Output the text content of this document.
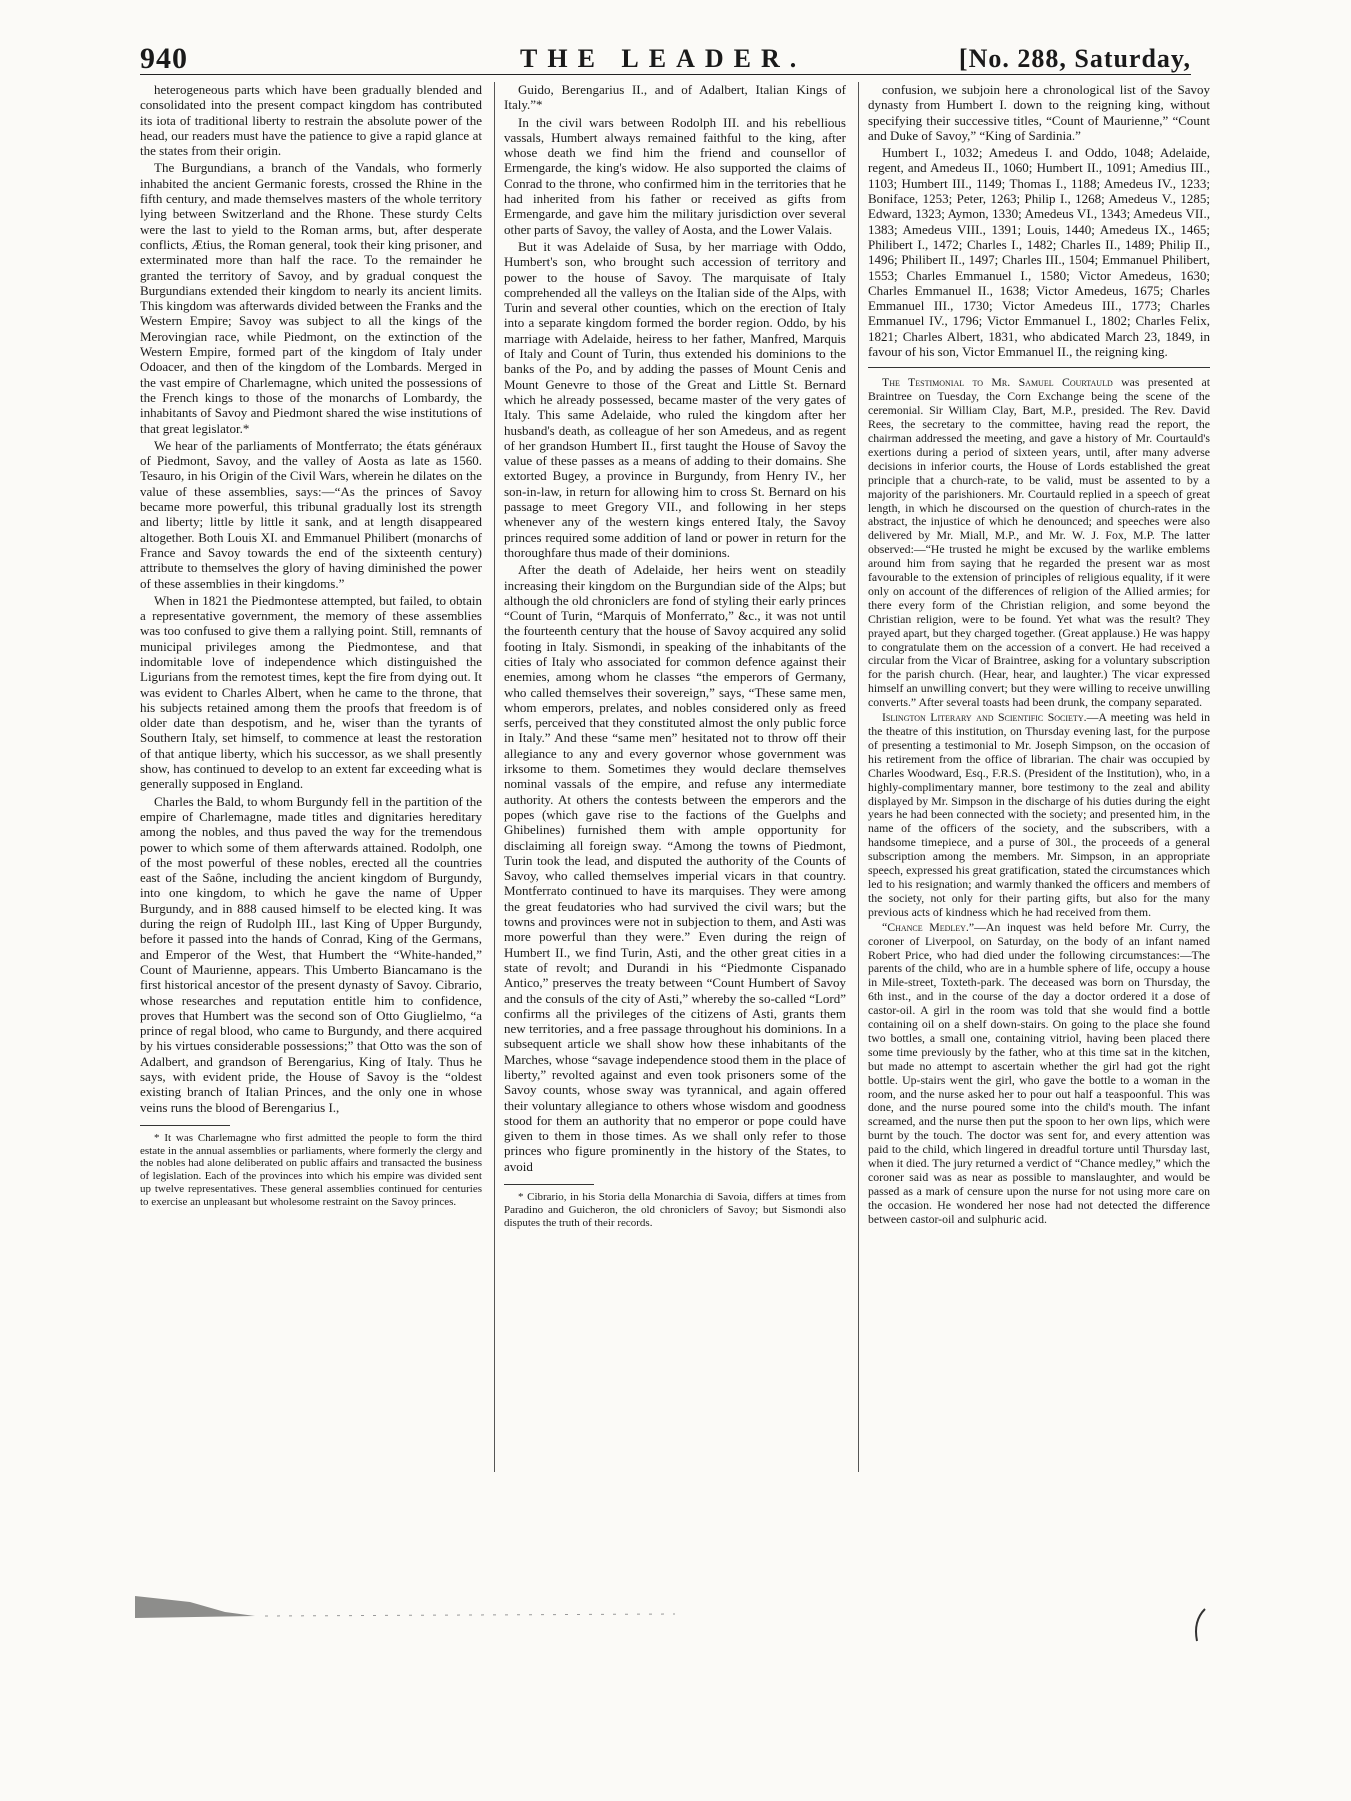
940	THE LEADER.	[No. 288, Saturday,

heterogeneous parts which have been gradually blended and consolidated into the present compact kingdom has contributed its iota of traditional liberty to restrain the absolute power of the head, our readers must have the patience to give a rapid glance at the states from their origin.

The Burgundians, a branch of the Vandals, who formerly inhabited the ancient Germanic forests, crossed the Rhine in the fifth century, and made themselves masters of the whole territory lying between Switzerland and the Rhone. These sturdy Celts were the last to yield to the Roman arms, but, after desperate conflicts, Ætius, the Roman general, took their king prisoner, and exterminated more than half the race. To the remainder he granted the territory of Savoy, and by gradual conquest the Burgundians extended their kingdom to nearly its ancient limits. This kingdom was afterwards divided between the Franks and the Western Empire; Savoy was subject to all the kings of the Merovingian race, while Piedmont, on the extinction of the Western Empire, formed part of the kingdom of Italy under Odoacer, and then of the kingdom of the Lombards. Merged in the vast empire of Charlemagne, which united the possessions of the French kings to those of the monarchs of Lombardy, the inhabitants of Savoy and Piedmont shared the wise institutions of that great legislator.*

We hear of the parliaments of Montferrato; the états généraux of Piedmont, Savoy, and the valley of Aosta as late as 1560. Tesauro, in his Origin of the Civil Wars, wherein he dilates on the value of these assemblies, says:—“As the princes of Savoy became more powerful, this tribunal gradually lost its strength and liberty; little by little it sank, and at length disappeared altogether. Both Louis XI. and Emmanuel Philibert (monarchs of France and Savoy towards the end of the sixteenth century) attribute to themselves the glory of having diminished the power of these assemblies in their kingdoms.”

When in 1821 the Piedmontese attempted, but failed, to obtain a representative government, the memory of these assemblies was too confused to give them a rallying point. Still, remnants of municipal privileges among the Piedmontese, and that indomitable love of independence which distinguished the Ligurians from the remotest times, kept the fire from dying out. It was evident to Charles Albert, when he came to the throne, that his subjects retained among them the proofs that freedom is of older date than despotism, and he, wiser than the tyrants of Southern Italy, set himself, to commence at least the restoration of that antique liberty, which his successor, as we shall presently show, has continued to develop to an extent far exceeding what is generally supposed in England.

Charles the Bald, to whom Burgundy fell in the partition of the empire of Charlemagne, made titles and dignitaries hereditary among the nobles, and thus paved the way for the tremendous power to which some of them afterwards attained. Rodolph, one of the most powerful of these nobles, erected all the countries east of the Saône, including the ancient kingdom of Burgundy, into one kingdom, to which he gave the name of Upper Burgundy, and in 888 caused himself to be elected king. It was during the reign of Rudolph III., last King of Upper Burgundy, before it passed into the hands of Conrad, King of the Germans, and Emperor of the West, that Humbert the “White-handed,” Count of Maurienne, appears. This Umberto Biancamano is the first historical ancestor of the present dynasty of Savoy. Cibrario, whose researches and reputation entitle him to confidence, proves that Humbert was the second son of Otto Giuglielmo, “a prince of regal blood, who came to Burgundy, and there acquired by his virtues considerable possessions;” that Otto was the son of Adalbert, and grandson of Berengarius, King of Italy. Thus he says, with evident pride, the House of Savoy is the “oldest existing branch of Italian Princes, and the only one in whose veins runs the blood of Berengarius I.,

* It was Charlemagne who first admitted the people to form the third estate in the annual assemblies or parliaments, where formerly the clergy and the nobles had alone deliberated on public affairs and transacted the business of legislation. Each of the provinces into which his empire was divided sent up twelve representatives. These general assemblies continued for centuries to exercise an unpleasant but wholesome restraint on the Savoy princes.

Guido, Berengarius II., and of Adalbert, Italian Kings of Italy.”*

In the civil wars between Rodolph III. and his rebellious vassals, Humbert always remained faithful to the king, after whose death we find him the friend and counsellor of Ermengarde, the king's widow. He also supported the claims of Conrad to the throne, who confirmed him in the territories that he had inherited from his father or received as gifts from Ermengarde, and gave him the military jurisdiction over several other parts of Savoy, the valley of Aosta, and the Lower Valais.

But it was Adelaide of Susa, by her marriage with Oddo, Humbert's son, who brought such accession of territory and power to the house of Savoy. The marquisate of Italy comprehended all the valleys on the Italian side of the Alps, with Turin and several other counties, which on the erection of Italy into a separate kingdom formed the border region. Oddo, by his marriage with Adelaide, heiress to her father, Manfred, Marquis of Italy and Count of Turin, thus extended his dominions to the banks of the Po, and by adding the passes of Mount Cenis and Mount Genevre to those of the Great and Little St. Bernard which he already possessed, became master of the very gates of Italy. This same Adelaide, who ruled the kingdom after her husband's death, as colleague of her son Amedeus, and as regent of her grandson Humbert II., first taught the House of Savoy the value of these passes as a means of adding to their domains. She extorted Bugey, a province in Burgundy, from Henry IV., her son-in-law, in return for allowing him to cross St. Bernard on his passage to meet Gregory VII., and following in her steps whenever any of the western kings entered Italy, the Savoy princes required some addition of land or power in return for the thoroughfare thus made of their dominions.

After the death of Adelaide, her heirs went on steadily increasing their kingdom on the Burgundian side of the Alps; but although the old chroniclers are fond of styling their early princes “Count of Turin, “Marquis of Monferrato,” &c., it was not until the fourteenth century that the house of Savoy acquired any solid footing in Italy. Sismondi, in speaking of the inhabitants of the cities of Italy who associated for common defence against their enemies, among whom he classes “the emperors of Germany, who called themselves their sovereign,” says, “These same men, whom emperors, prelates, and nobles considered only as freed serfs, perceived that they constituted almost the only public force in Italy.” And these “same men” hesitated not to throw off their allegiance to any and every governor whose government was irksome to them. Sometimes they would declare themselves nominal vassals of the empire, and refuse any intermediate authority. At others the contests between the emperors and the popes (which gave rise to the factions of the Guelphs and Ghibelines) furnished them with ample opportunity for disclaiming all foreign sway. “Among the towns of Piedmont, Turin took the lead, and disputed the authority of the Counts of Savoy, who called themselves imperial vicars in that country. Montferrato continued to have its marquises. They were among the great feudatories who had survived the civil wars; but the towns and provinces were not in subjection to them, and Asti was more powerful than they were.” Even during the reign of Humbert II., we find Turin, Asti, and the other great cities in a state of revolt; and Durandi in his “Piedmonte Cispanado Antico,” preserves the treaty between “Count Humbert of Savoy and the consuls of the city of Asti,” whereby the so-called “Lord” confirms all the privileges of the citizens of Asti, grants them new territories, and a free passage throughout his dominions. In a subsequent article we shall show how these inhabitants of the Marches, whose “savage independence stood them in the place of liberty,” revolted against and even took prisoners some of the Savoy counts, whose sway was tyrannical, and again offered their voluntary allegiance to others whose wisdom and goodness stood for them an authority that no emperor or pope could have given to them in those times. As we shall only refer to those princes who figure prominently in the history of the States, to avoid

* Cibrario, in his Storia della Monarchia di Savoia, differs at times from Paradino and Guicheron, the old chroniclers of Savoy; but Sismondi also disputes the truth of their records.

confusion, we subjoin here a chronological list of the Savoy dynasty from Humbert I. down to the reigning king, without specifying their successive titles, “Count of Maurienne,” “Count and Duke of Savoy,” “King of Sardinia.”

Humbert I., 1032; Amedeus I. and Oddo, 1048; Adelaide, regent, and Amedeus II., 1060; Humbert II., 1091; Amedius III., 1103; Humbert III., 1149; Thomas I., 1188; Amedeus IV., 1233; Boniface, 1253; Peter, 1263; Philip I., 1268; Amedeus V., 1285; Edward, 1323; Aymon, 1330; Amedeus VI., 1343; Amedeus VII., 1383; Amedeus VIII., 1391; Louis, 1440; Amedeus IX., 1465; Philibert I., 1472; Charles I., 1482; Charles II., 1489; Philip II., 1496; Philibert II., 1497; Charles III., 1504; Emmanuel Philibert, 1553; Charles Emmanuel I., 1580; Victor Amedeus, 1630; Charles Emmanuel II., 1638; Victor Amedeus, 1675; Charles Emmanuel III., 1730; Victor Amedeus III., 1773; Charles Emmanuel IV., 1796; Victor Emmanuel I., 1802; Charles Felix, 1821; Charles Albert, 1831, who abdicated March 23, 1849, in favour of his son, Victor Emmanuel II., the reigning king.

The Testimonial to Mr. Samuel Courtauld was presented at Braintree on Tuesday, the Corn Exchange being the scene of the ceremonial. Sir William Clay, Bart, M.P., presided. The Rev. David Rees, the secretary to the committee, having read the report, the chairman addressed the meeting, and gave a history of Mr. Courtauld's exertions during a period of sixteen years, until, after many adverse decisions in inferior courts, the House of Lords established the great principle that a church-rate, to be valid, must be assented to by a majority of the parishioners. Mr. Courtauld replied in a speech of great length, in which he discoursed on the question of church-rates in the abstract, the injustice of which he denounced; and speeches were also delivered by Mr. Miall, M.P., and Mr. W. J. Fox, M.P. The latter observed:—“He trusted he might be excused by the warlike emblems around him from saying that he regarded the present war as most favourable to the extension of principles of religious equality, if it were only on account of the differences of religion of the Allied armies; for there every form of the Christian religion, and some beyond the Christian religion, were to be found. Yet what was the result? They prayed apart, but they charged together. (Great applause.) He was happy to congratulate them on the accession of a convert. He had received a circular from the Vicar of Braintree, asking for a voluntary subscription for the parish church. (Hear, hear, and laughter.) The vicar expressed himself an unwilling convert; but they were willing to receive unwilling converts.” After several toasts had been drunk, the company separated.

Islington Literary and Scientific Society.—A meeting was held in the theatre of this institution, on Thursday evening last, for the purpose of presenting a testimonial to Mr. Joseph Simpson, on the occasion of his retirement from the office of librarian. The chair was occupied by Charles Woodward, Esq., F.R.S. (President of the Institution), who, in a highly-complimentary manner, bore testimony to the zeal and ability displayed by Mr. Simpson in the discharge of his duties during the eight years he had been connected with the society; and presented him, in the name of the officers of the society, and the subscribers, with a handsome timepiece, and a purse of 30l., the proceeds of a general subscription among the members. Mr. Simpson, in an appropriate speech, expressed his great gratification, stated the circumstances which led to his resignation; and warmly thanked the officers and members of the society, not only for their parting gifts, but also for the many previous acts of kindness which he had received from them.

“Chance Medley.”—An inquest was held before Mr. Curry, the coroner of Liverpool, on Saturday, on the body of an infant named Robert Price, who had died under the following circumstances:—The parents of the child, who are in a humble sphere of life, occupy a house in Mile-street, Toxteth-park. The deceased was born on Thursday, the 6th inst., and in the course of the day a doctor ordered it a dose of castor-oil. A girl in the room was told that she would find a bottle containing oil on a shelf down-stairs. On going to the place she found two bottles, a small one, containing vitriol, having been placed there some time previously by the father, who at this time sat in the kitchen, but made no attempt to ascertain whether the girl had got the right bottle. Up-stairs went the girl, who gave the bottle to a woman in the room, and the nurse asked her to pour out half a teaspoonful. This was done, and the nurse poured some into the child's mouth. The infant screamed, and the nurse then put the spoon to her own lips, which were burnt by the touch. The doctor was sent for, and every attention was paid to the child, which lingered in dreadful torture until Thursday last, when it died. The jury returned a verdict of “Chance medley,” which the coroner said was as near as possible to manslaughter, and would be passed as a mark of censure upon the nurse for not using more care on the occasion. He wondered her nose had not detected the difference between castor-oil and sulphuric acid.
